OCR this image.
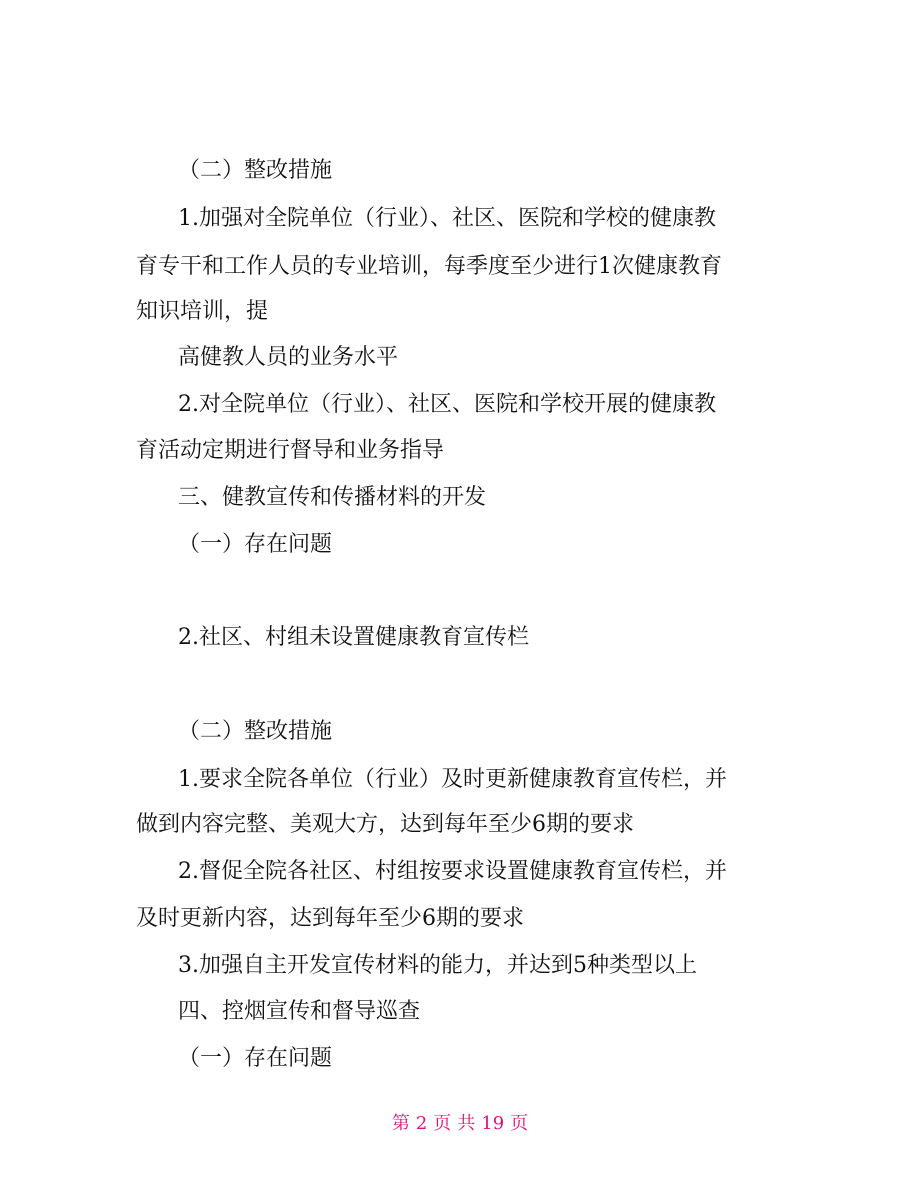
（二）整改措施
1.加强对全院单位（行业）、社区、医院和学校的健康教
育专干和工作人员的专业培训，每季度至少进行1次健康教育
知识培训，提
高健教人员的业务水平
2.对全院单位（行业）、社区、医院和学校开展的健康教
育活动定期进行督导和业务指导
三、健教宣传和传播材料的开发
（一）存在问题
2.社区、村组未设置健康教育宣传栏
（二）整改措施
1.要求全院各单位（行业）及时更新健康教育宣传栏，并
做到内容完整、美观大方，达到每年至少6期的要求
2.督促全院各社区、村组按要求设置健康教育宣传栏，并
及时更新内容，达到每年至少6期的要求
3.加强自主开发宣传材料的能力，并达到5种类型以上
四、控烟宣传和督导巡查
（一）存在问题
第 2 页 共 19 页
